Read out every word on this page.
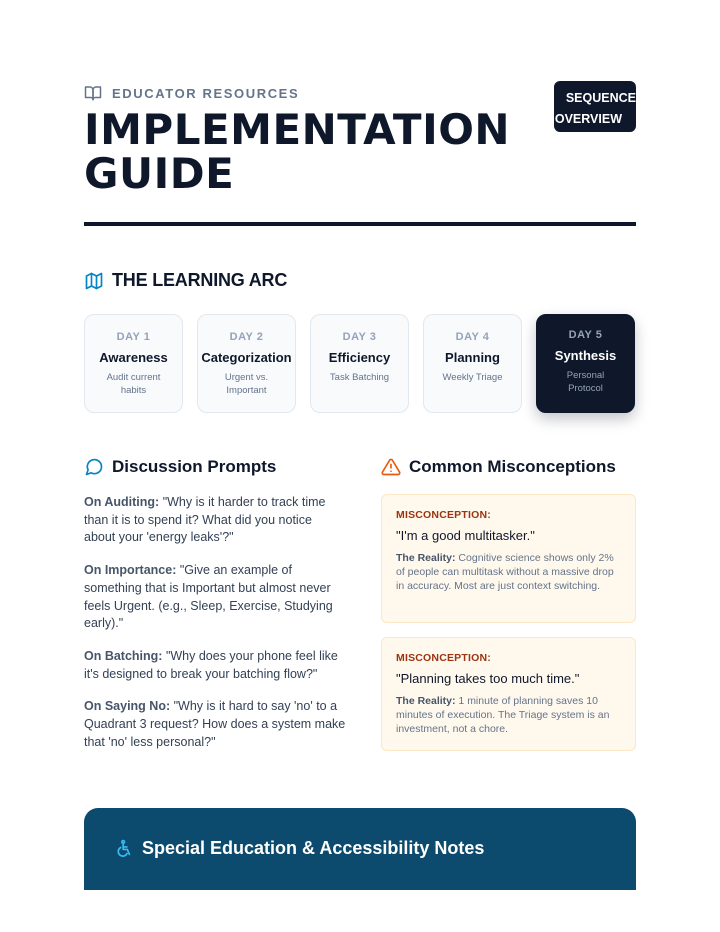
EDUCATOR RESOURCES
IMPLEMENTATION
GUIDE
SEQUENCE
OVERVIEW
THE LEARNING ARC
DAY 1
Awareness
Audit current habits
DAY 2
Categorization
Urgent vs. Important
DAY 3
Efficiency
Task Batching
DAY 4
Planning
Weekly Triage
DAY 5
Synthesis
Personal Protocol
Discussion Prompts

On Auditing: "Why is it harder to track time than it is to spend it? What did you notice about your 'energy leaks'?"

On Importance: "Give an example of something that is Important but almost never feels Urgent. (e.g., Sleep, Exercise, Studying early)."

On Batching: "Why does your phone feel like it's designed to break your batching flow?"

On Saying No: "Why is it hard to say 'no' to a Quadrant 3 request? How does a system make that 'no' less personal?"

Common Misconceptions
MISCONCEPTION:
"I'm a good multitasker."
The Reality: Cognitive science shows only 2% of people can multitask without a massive drop in accuracy. Most are just context switching.
MISCONCEPTION:
"Planning takes too much time."
The Reality: 1 minute of planning saves 10 minutes of execution. The Triage system is an investment, not a chore.
Special Education & Accessibility Notes
